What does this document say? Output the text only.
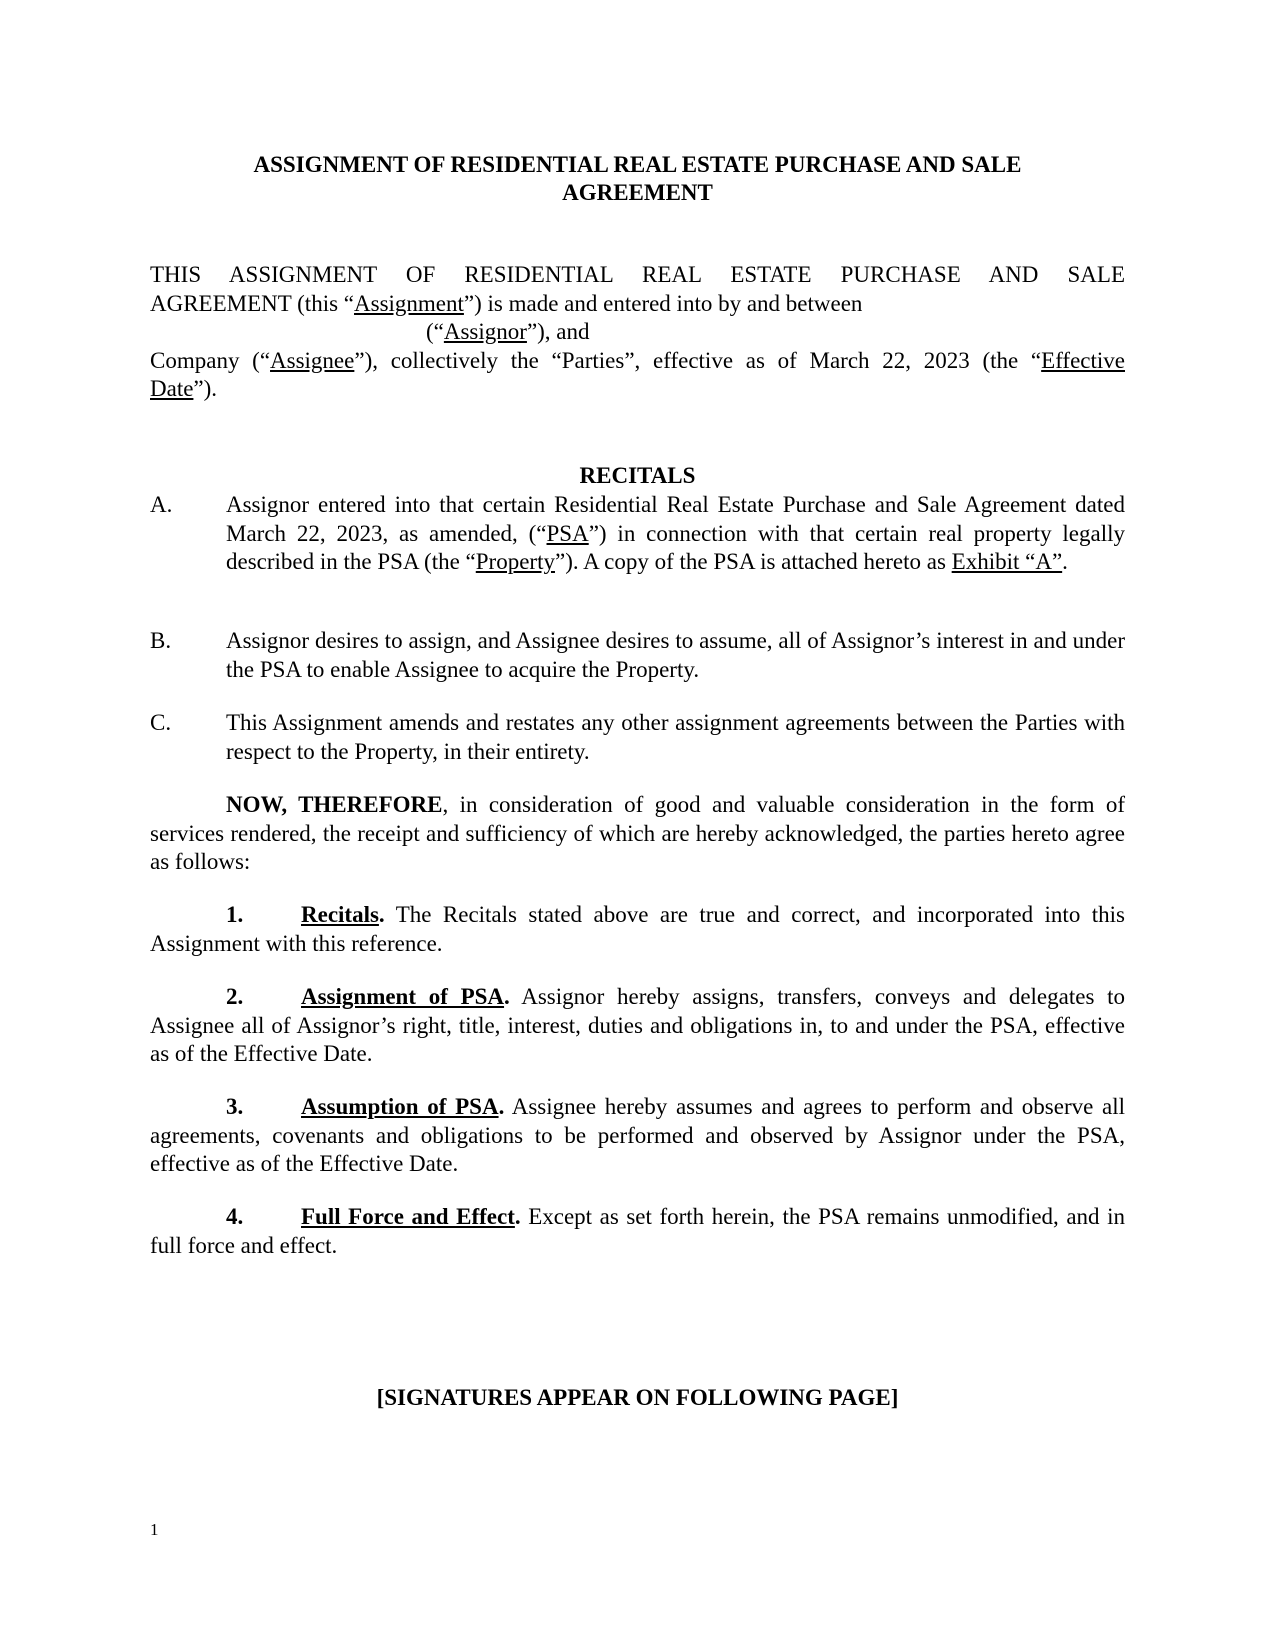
ASSIGNMENT OF RESIDENTIAL REAL ESTATE PURCHASE AND SALE
AGREEMENT
THIS ASSIGNMENT OF RESIDENTIAL REAL ESTATE PURCHASE AND SALE
AGREEMENT (this “Assignment”) is made and entered into by and between
(“Assignor”), and
Company (“Assignee”), collectively the “Parties”, effective as of March 22, 2023 (the “Effective
Date”).
RECITALS
A. Assignor entered into that certain Residential Real Estate Purchase and Sale Agreement dated March 22, 2023, as amended, (“PSA”) in connection with that certain real property legally described in the PSA (the “Property”). A copy of the PSA is attached hereto as Exhibit “A”.
B. Assignor desires to assign, and Assignee desires to assume, all of Assignor’s interest in and under the PSA to enable Assignee to acquire the Property.
C. This Assignment amends and restates any other assignment agreements between the Parties with respect to the Property, in their entirety.
NOW, THEREFORE, in consideration of good and valuable consideration in the form of services rendered, the receipt and sufficiency of which are hereby acknowledged, the parties hereto agree as follows:
1.	Recitals. The Recitals stated above are true and correct, and incorporated into this Assignment with this reference.
2.	Assignment of PSA. Assignor hereby assigns, transfers, conveys and delegates to Assignee all of Assignor’s right, title, interest, duties and obligations in, to and under the PSA, effective as of the Effective Date.
3.	Assumption of PSA. Assignee hereby assumes and agrees to perform and observe all agreements, covenants and obligations to be performed and observed by Assignor under the PSA, effective as of the Effective Date.
4.	Full Force and Effect. Except as set forth herein, the PSA remains unmodified, and in full force and effect.
[SIGNATURES APPEAR ON FOLLOWING PAGE]
1
